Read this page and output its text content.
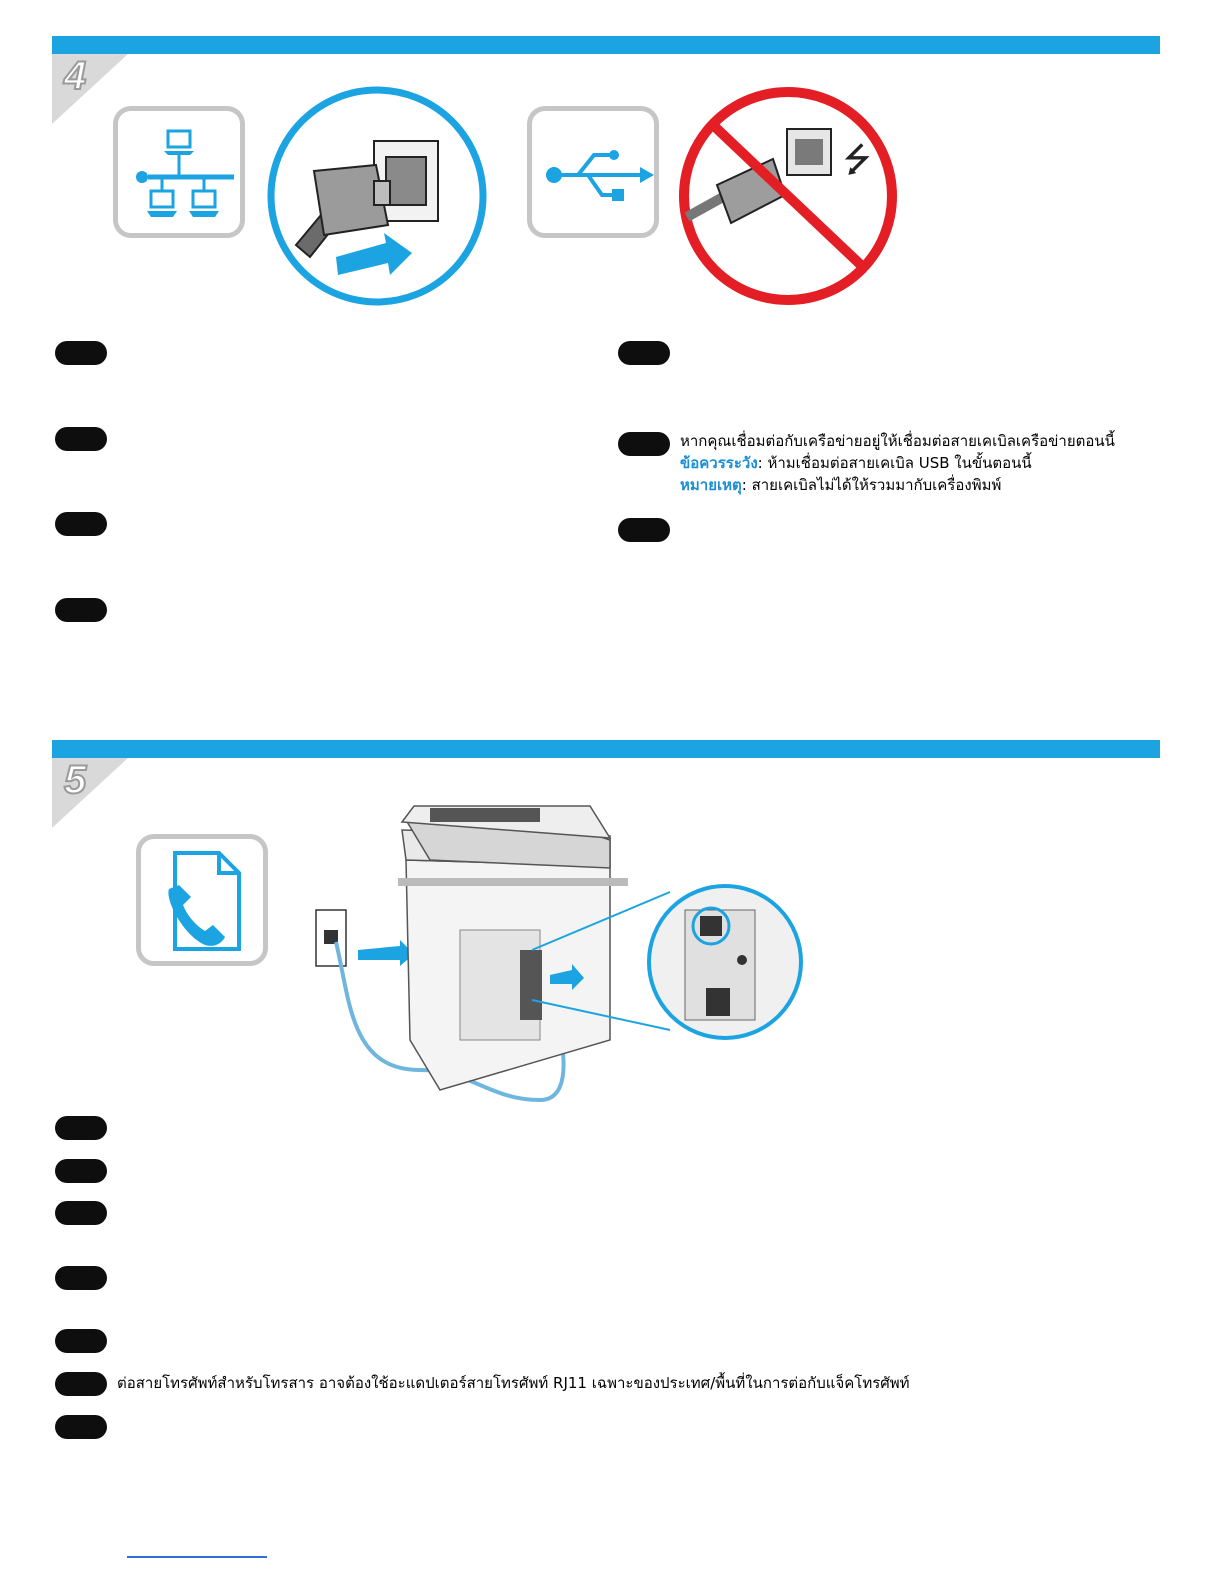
4
⭍
หากคุณเชื่อมต่อกับเครือข่ายอยู่ให้เชื่อมต่อสายเคเบิลเครือข่ายตอนนี้
ข้อควรระวัง: ห้ามเชื่อมต่อสายเคเบิล USB ในขั้นตอนนี้
หมายเหตุ: สายเคเบิลไม่ได้ให้รวมมากับเครื่องพิมพ์
5
ต่อสายโทรศัพท์สำหรับโทรสาร อาจต้องใช้อะแดปเตอร์สายโทรศัพท์ RJ11 เฉพาะของประเทศ/พื้นที่ในการต่อกับแจ็คโทรศัพท์
